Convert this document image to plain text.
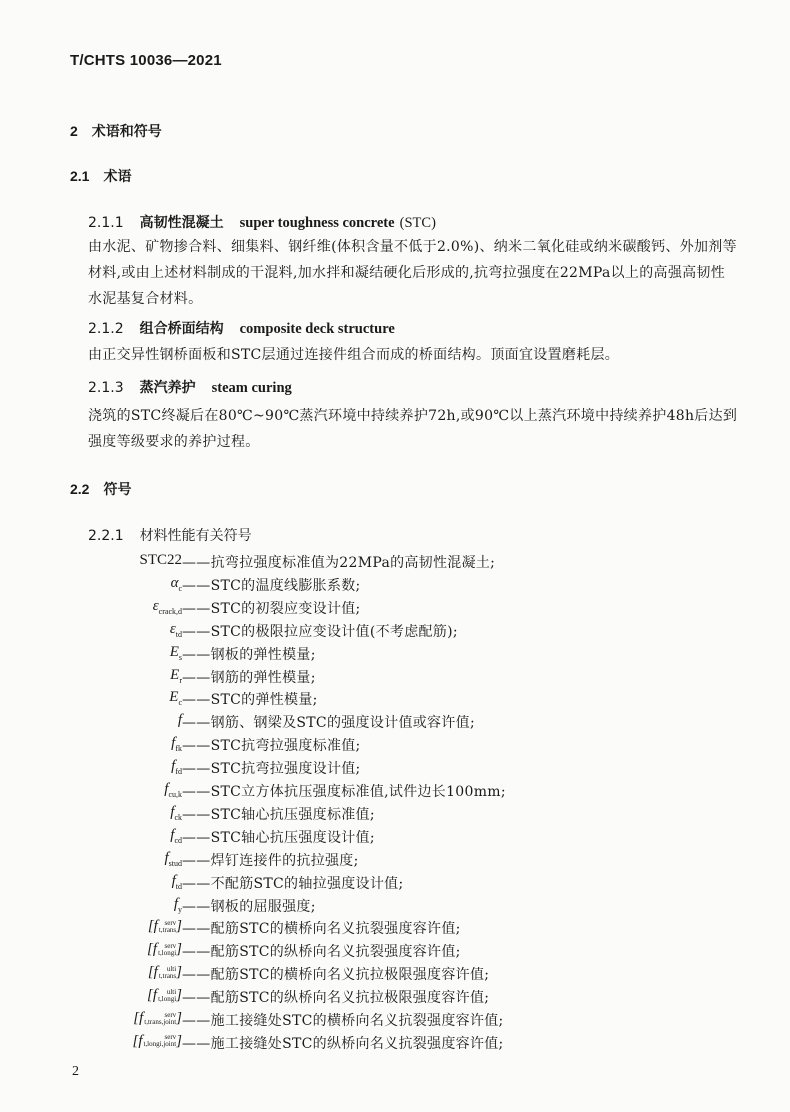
T/CHTS 10036—2021
2 术语和符号
2.1 术语
2.1.1 高韧性混凝土 super toughness concrete (STC)
由水泥、矿物掺合料、细集料、钢纤维(体积含量不低于2.0%)、纳米二氧化硅或纳米碳酸钙、外加剂等材料,或由上述材料制成的干混料,加水拌和凝结硬化后形成的,抗弯拉强度在22MPa以上的高强高韧性水泥基复合材料。
2.1.2 组合桥面结构 composite deck structure
由正交异性钢桥面板和STC层通过连接件组合而成的桥面结构。顶面宜设置磨耗层。
2.1.3 蒸汽养护 steam curing
浇筑的STC终凝后在80℃~90℃蒸汽环境中持续养护72h,或90℃以上蒸汽环境中持续养护48h后达到强度等级要求的养护过程。
2.2 符号
2.2.1 材料性能有关符号
STC22 ——抗弯拉强度标准值为22MPa的高韧性混凝土;
$\alpha_c$ ——STC的温度线膨胀系数;
$\varepsilon_{crack,d}$ ——STC的初裂应变设计值;
$\varepsilon_{td}$ ——STC的极限拉应变设计值(不考虑配筋);
$E_s$ ——钢板的弹性模量;
$E_r$ ——钢筋的弹性模量;
$E_c$ ——STC的弹性模量;
f ——钢筋、钢梁及STC的强度设计值或容许值;
$f_{fk}$ ——STC抗弯拉强度标准值;
$f_{fd}$ ——STC抗弯拉强度设计值;
$f_{cu,k}$ ——STC立方体抗压强度标准值,试件边长100mm;
$f_{ck}$ ——STC轴心抗压强度标准值;
$f_{cd}$ ——STC轴心抗压强度设计值;
$f_{stud}$ ——焊钉连接件的抗拉强度;
$f_{td}$ ——不配筋STC的轴拉强度设计值;
$f_y$ ——钢板的屈服强度;
[f serv
t,trans] ——配筋STC的横桥向名义抗裂强度容许值;
[f serv
t,longi] ——配筋STC的纵桥向名义抗裂强度容许值;
[f ulti
t,trans] ——配筋STC的横桥向名义抗拉极限强度容许值;
[f ulti
t,longi] ——配筋STC的纵桥向名义抗拉极限强度容许值;
[f	serv
t,trans,joint] ——施工接缝处STC的横桥向名义抗裂强度容许值;
[f	serv
t,longi,joint] ——施工接缝处STC的纵桥向名义抗裂强度容许值;
2
